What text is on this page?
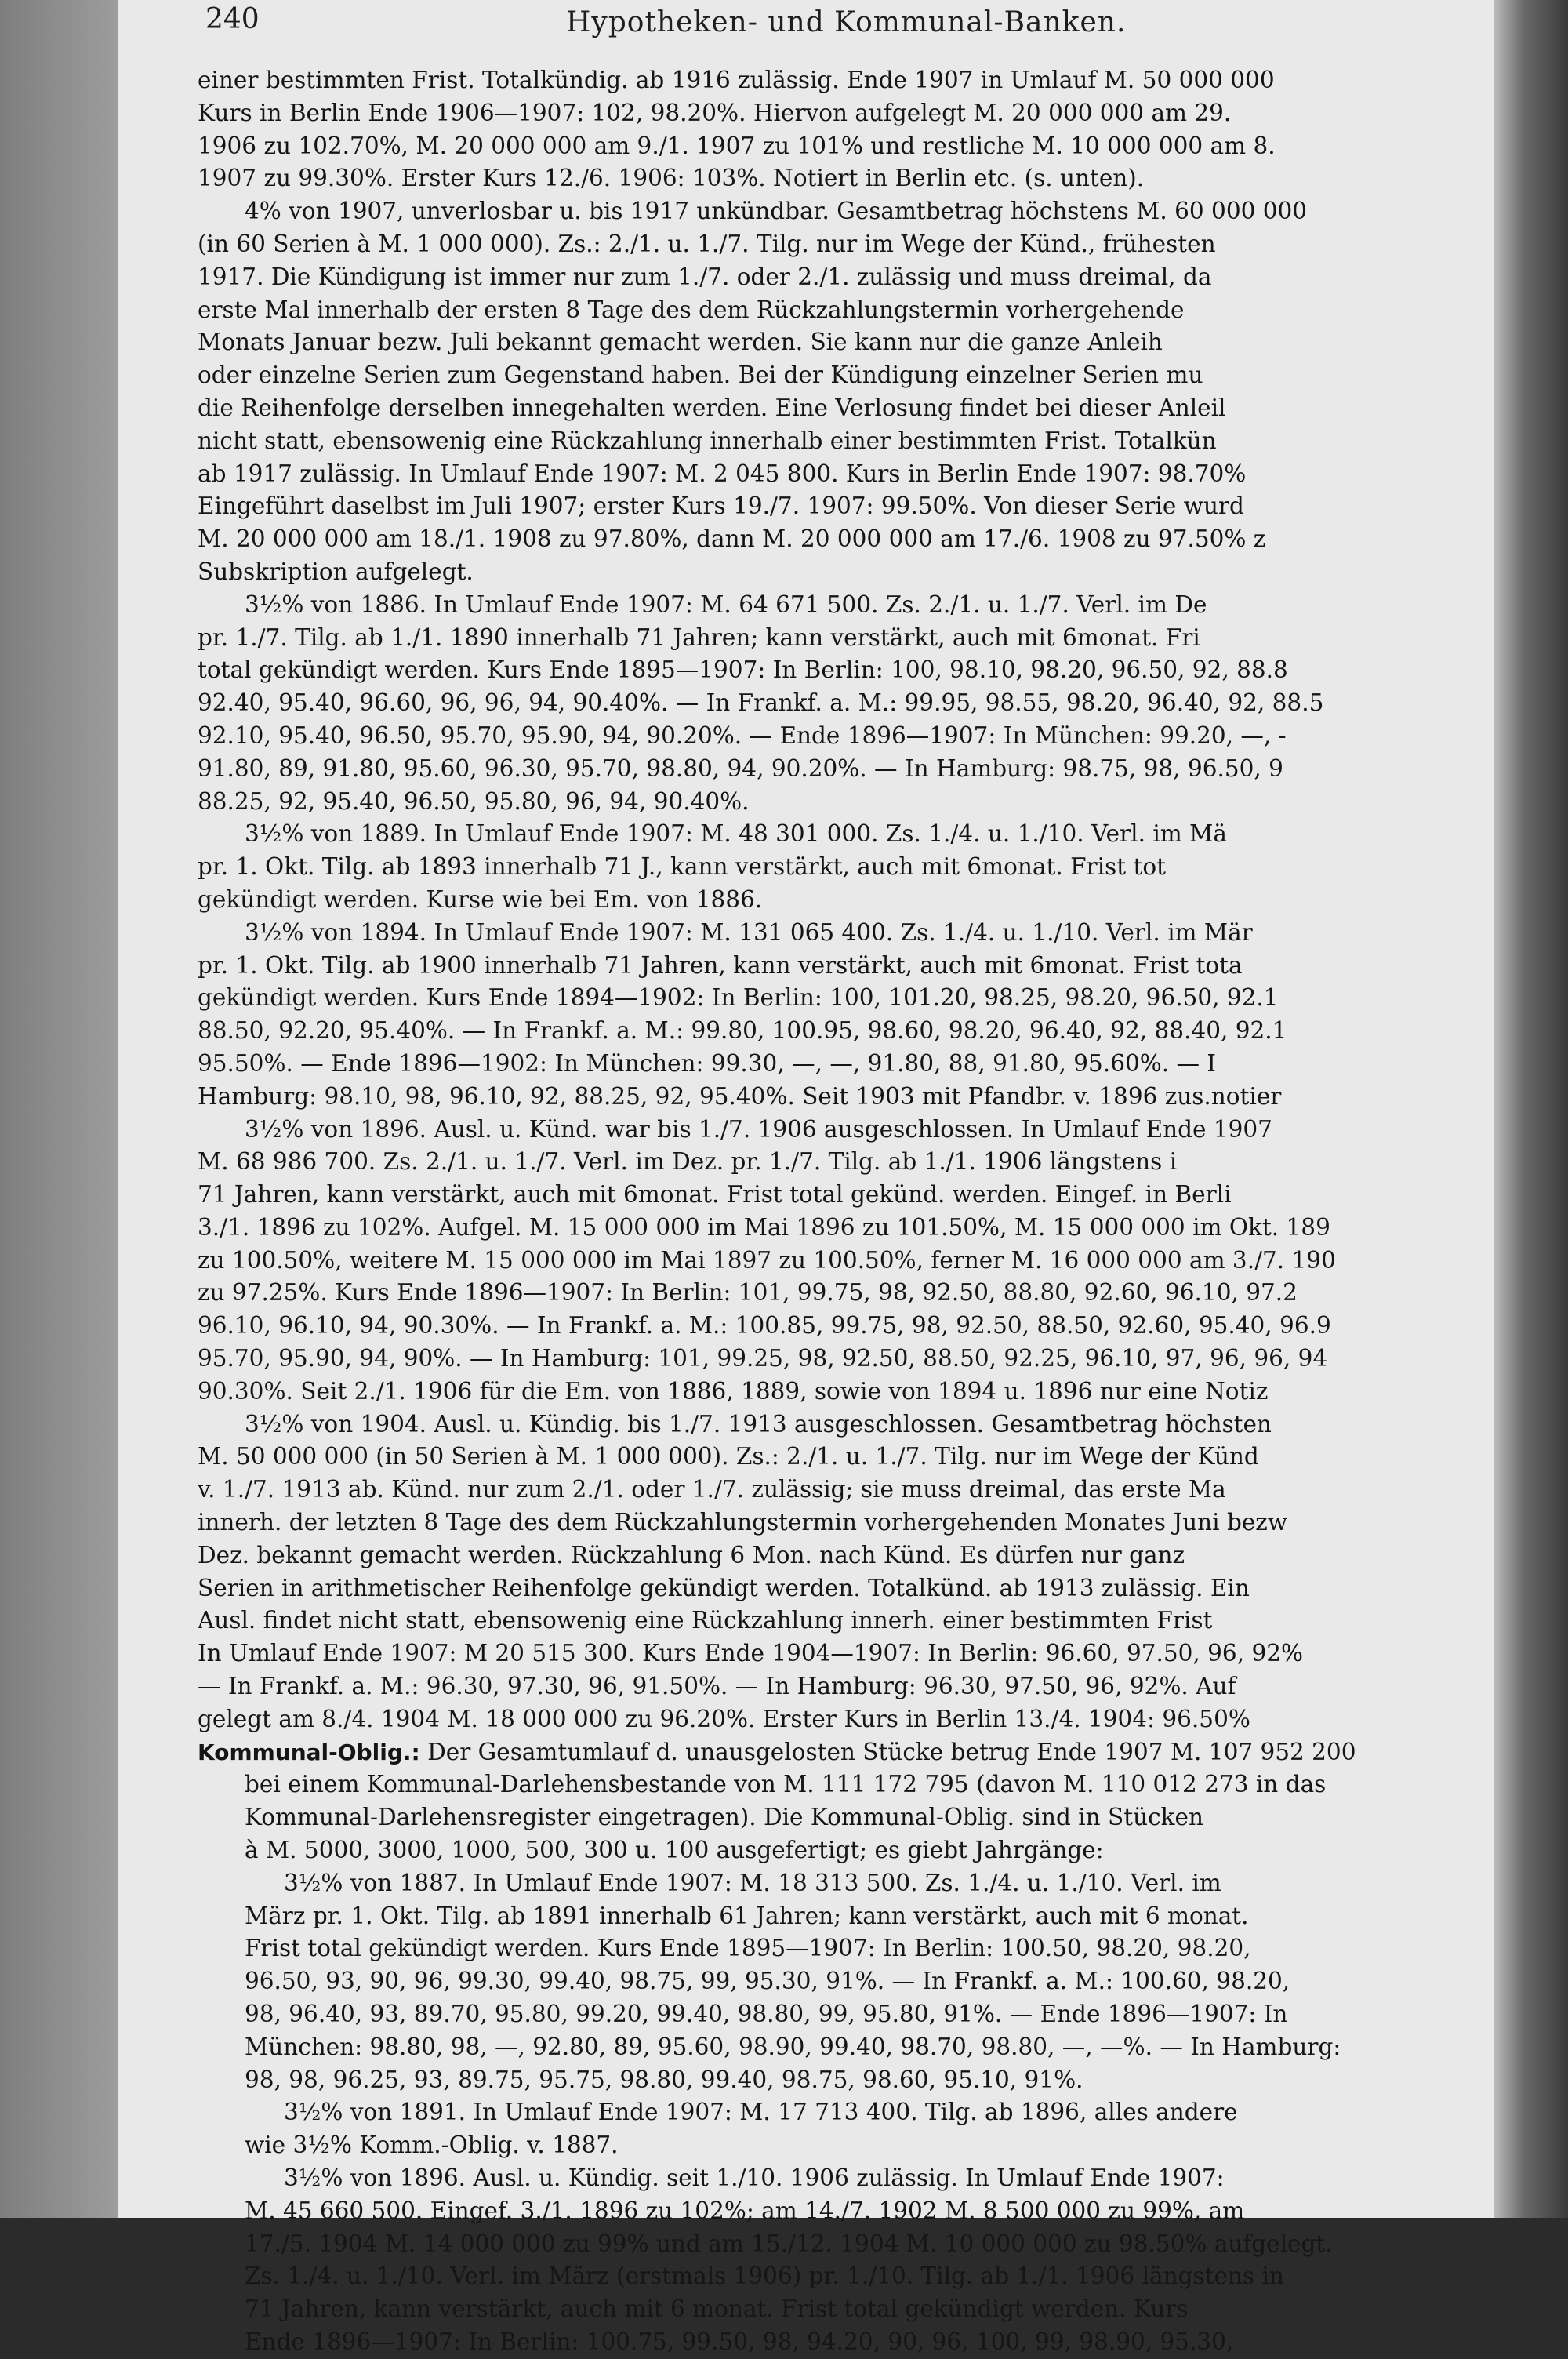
240	Hypotheken- und Kommunal-Banken.
einer bestimmten Frist. Totalkündig. ab 1916 zulässig. Ende 1907 in Umlauf M. 50 000 000
Kurs in Berlin Ende 1906—1907: 102, 98.20%. Hiervon aufgelegt M. 20 000 000 am 29.
1906 zu 102.70%, M. 20 000 000 am 9./1. 1907 zu 101% und restliche M. 10 000 000 am 8.
1907 zu 99.30%. Erster Kurs 12./6. 1906: 103%. Notiert in Berlin etc. (s. unten).
4% von 1907, unverlosbar u. bis 1917 unkündbar. Gesamtbetrag höchstens M. 60 000 000
(in 60 Serien à M. 1 000 000). Zs.: 2./1. u. 1./7. Tilg. nur im Wege der Künd., frühesten
1917. Die Kündigung ist immer nur zum 1./7. oder 2./1. zulässig und muss dreimal, da
erste Mal innerhalb der ersten 8 Tage des dem Rückzahlungstermin vorhergehende
Monats Januar bezw. Juli bekannt gemacht werden. Sie kann nur die ganze Anleih
oder einzelne Serien zum Gegenstand haben. Bei der Kündigung einzelner Serien mu
die Reihenfolge derselben innegehalten werden. Eine Verlosung findet bei dieser Anleil
nicht statt, ebensowenig eine Rückzahlung innerhalb einer bestimmten Frist. Totalkün
ab 1917 zulässig. In Umlauf Ende 1907: M. 2 045 800. Kurs in Berlin Ende 1907: 98.70%
Eingeführt daselbst im Juli 1907; erster Kurs 19./7. 1907: 99.50%. Von dieser Serie wurd
M. 20 000 000 am 18./1. 1908 zu 97.80%, dann M. 20 000 000 am 17./6. 1908 zu 97.50% z
Subskription aufgelegt.
3½% von 1886. In Umlauf Ende 1907: M. 64 671 500. Zs. 2./1. u. 1./7. Verl. im De
pr. 1./7. Tilg. ab 1./1. 1890 innerhalb 71 Jahren; kann verstärkt, auch mit 6monat. Fri
total gekündigt werden. Kurs Ende 1895—1907: In Berlin: 100, 98.10, 98.20, 96.50, 92, 88.8
92.40, 95.40, 96.60, 96, 96, 94, 90.40%. — In Frankf. a. M.: 99.95, 98.55, 98.20, 96.40, 92, 88.5
92.10, 95.40, 96.50, 95.70, 95.90, 94, 90.20%. — Ende 1896—1907: In München: 99.20, —, -
91.80, 89, 91.80, 95.60, 96.30, 95.70, 98.80, 94, 90.20%. — In Hamburg: 98.75, 98, 96.50, 9
88.25, 92, 95.40, 96.50, 95.80, 96, 94, 90.40%.
3½% von 1889. In Umlauf Ende 1907: M. 48 301 000. Zs. 1./4. u. 1./10. Verl. im Mä
pr. 1. Okt. Tilg. ab 1893 innerhalb 71 J., kann verstärkt, auch mit 6monat. Frist tot
gekündigt werden. Kurse wie bei Em. von 1886.
3½% von 1894. In Umlauf Ende 1907: M. 131 065 400. Zs. 1./4. u. 1./10. Verl. im Mär
pr. 1. Okt. Tilg. ab 1900 innerhalb 71 Jahren, kann verstärkt, auch mit 6monat. Frist tota
gekündigt werden. Kurs Ende 1894—1902: In Berlin: 100, 101.20, 98.25, 98.20, 96.50, 92.1
88.50, 92.20, 95.40%. — In Frankf. a. M.: 99.80, 100.95, 98.60, 98.20, 96.40, 92, 88.40, 92.1
95.50%. — Ende 1896—1902: In München: 99.30, —, —, 91.80, 88, 91.80, 95.60%. — I
Hamburg: 98.10, 98, 96.10, 92, 88.25, 92, 95.40%. Seit 1903 mit Pfandbr. v. 1896 zus.notier
3½% von 1896. Ausl. u. Künd. war bis 1./7. 1906 ausgeschlossen. In Umlauf Ende 1907
M. 68 986 700. Zs. 2./1. u. 1./7. Verl. im Dez. pr. 1./7. Tilg. ab 1./1. 1906 längstens i
71 Jahren, kann verstärkt, auch mit 6monat. Frist total gekünd. werden. Eingef. in Berli
3./1. 1896 zu 102%. Aufgel. M. 15 000 000 im Mai 1896 zu 101.50%, M. 15 000 000 im Okt. 189
zu 100.50%, weitere M. 15 000 000 im Mai 1897 zu 100.50%, ferner M. 16 000 000 am 3./7. 190
zu 97.25%. Kurs Ende 1896—1907: In Berlin: 101, 99.75, 98, 92.50, 88.80, 92.60, 96.10, 97.2
96.10, 96.10, 94, 90.30%. — In Frankf. a. M.: 100.85, 99.75, 98, 92.50, 88.50, 92.60, 95.40, 96.9
95.70, 95.90, 94, 90%. — In Hamburg: 101, 99.25, 98, 92.50, 88.50, 92.25, 96.10, 97, 96, 96, 94
90.30%. Seit 2./1. 1906 für die Em. von 1886, 1889, sowie von 1894 u. 1896 nur eine Notiz
3½% von 1904. Ausl. u. Kündig. bis 1./7. 1913 ausgeschlossen. Gesamtbetrag höchsten
M. 50 000 000 (in 50 Serien à M. 1 000 000). Zs.: 2./1. u. 1./7. Tilg. nur im Wege der Künd
v. 1./7. 1913 ab. Künd. nur zum 2./1. oder 1./7. zulässig; sie muss dreimal, das erste Ma
innerh. der letzten 8 Tage des dem Rückzahlungstermin vorhergehenden Monates Juni bezw
Dez. bekannt gemacht werden. Rückzahlung 6 Mon. nach Künd. Es dürfen nur ganz
Serien in arithmetischer Reihenfolge gekündigt werden. Totalkünd. ab 1913 zulässig. Ein
Ausl. findet nicht statt, ebensowenig eine Rückzahlung innerh. einer bestimmten Frist
In Umlauf Ende 1907: M 20 515 300. Kurs Ende 1904—1907: In Berlin: 96.60, 97.50, 96, 92%
— In Frankf. a. M.: 96.30, 97.30, 96, 91.50%. — In Hamburg: 96.30, 97.50, 96, 92%. Auf
gelegt am 8./4. 1904 M. 18 000 000 zu 96.20%. Erster Kurs in Berlin 13./4. 1904: 96.50%
Kommunal-Oblig.: Der Gesamtumlauf d. unausgelosten Stücke betrug Ende 1907 M. 107 952 200
bei einem Kommunal-Darlehensbestande von M. 111 172 795 (davon M. 110 012 273 in das
Kommunal-Darlehensregister eingetragen). Die Kommunal-Oblig. sind in Stücken
à M. 5000, 3000, 1000, 500, 300 u. 100 ausgefertigt; es giebt Jahrgänge:
3½% von 1887. In Umlauf Ende 1907: M. 18 313 500. Zs. 1./4. u. 1./10. Verl. im
März pr. 1. Okt. Tilg. ab 1891 innerhalb 61 Jahren; kann verstärkt, auch mit 6 monat.
Frist total gekündigt werden. Kurs Ende 1895—1907: In Berlin: 100.50, 98.20, 98.20,
96.50, 93, 90, 96, 99.30, 99.40, 98.75, 99, 95.30, 91%. — In Frankf. a. M.: 100.60, 98.20,
98, 96.40, 93, 89.70, 95.80, 99.20, 99.40, 98.80, 99, 95.80, 91%. — Ende 1896—1907: In
München: 98.80, 98, —, 92.80, 89, 95.60, 98.90, 99.40, 98.70, 98.80, —, —%. — In Hamburg:
98, 98, 96.25, 93, 89.75, 95.75, 98.80, 99.40, 98.75, 98.60, 95.10, 91%.
3½% von 1891. In Umlauf Ende 1907: M. 17 713 400. Tilg. ab 1896, alles andere
wie 3½% Komm.-Oblig. v. 1887.
3½% von 1896. Ausl. u. Kündig. seit 1./10. 1906 zulässig. In Umlauf Ende 1907:
M. 45 660 500. Eingef. 3./1. 1896 zu 102%; am 14./7. 1902 M. 8 500 000 zu 99%, am
17./5. 1904 M. 14 000 000 zu 99% und am 15./12. 1904 M. 10 000 000 zu 98.50% aufgelegt.
Zs. 1./4. u. 1./10. Verl. im März (erstmals 1906) pr. 1./10. Tilg. ab 1./1. 1906 längstens in
71 Jahren, kann verstärkt, auch mit 6 monat. Frist total gekündigt werden. Kurs
Ende 1896—1907: In Berlin: 100.75, 99.50, 98, 94.20, 90, 96, 100, 99, 98.90, 95.30,
